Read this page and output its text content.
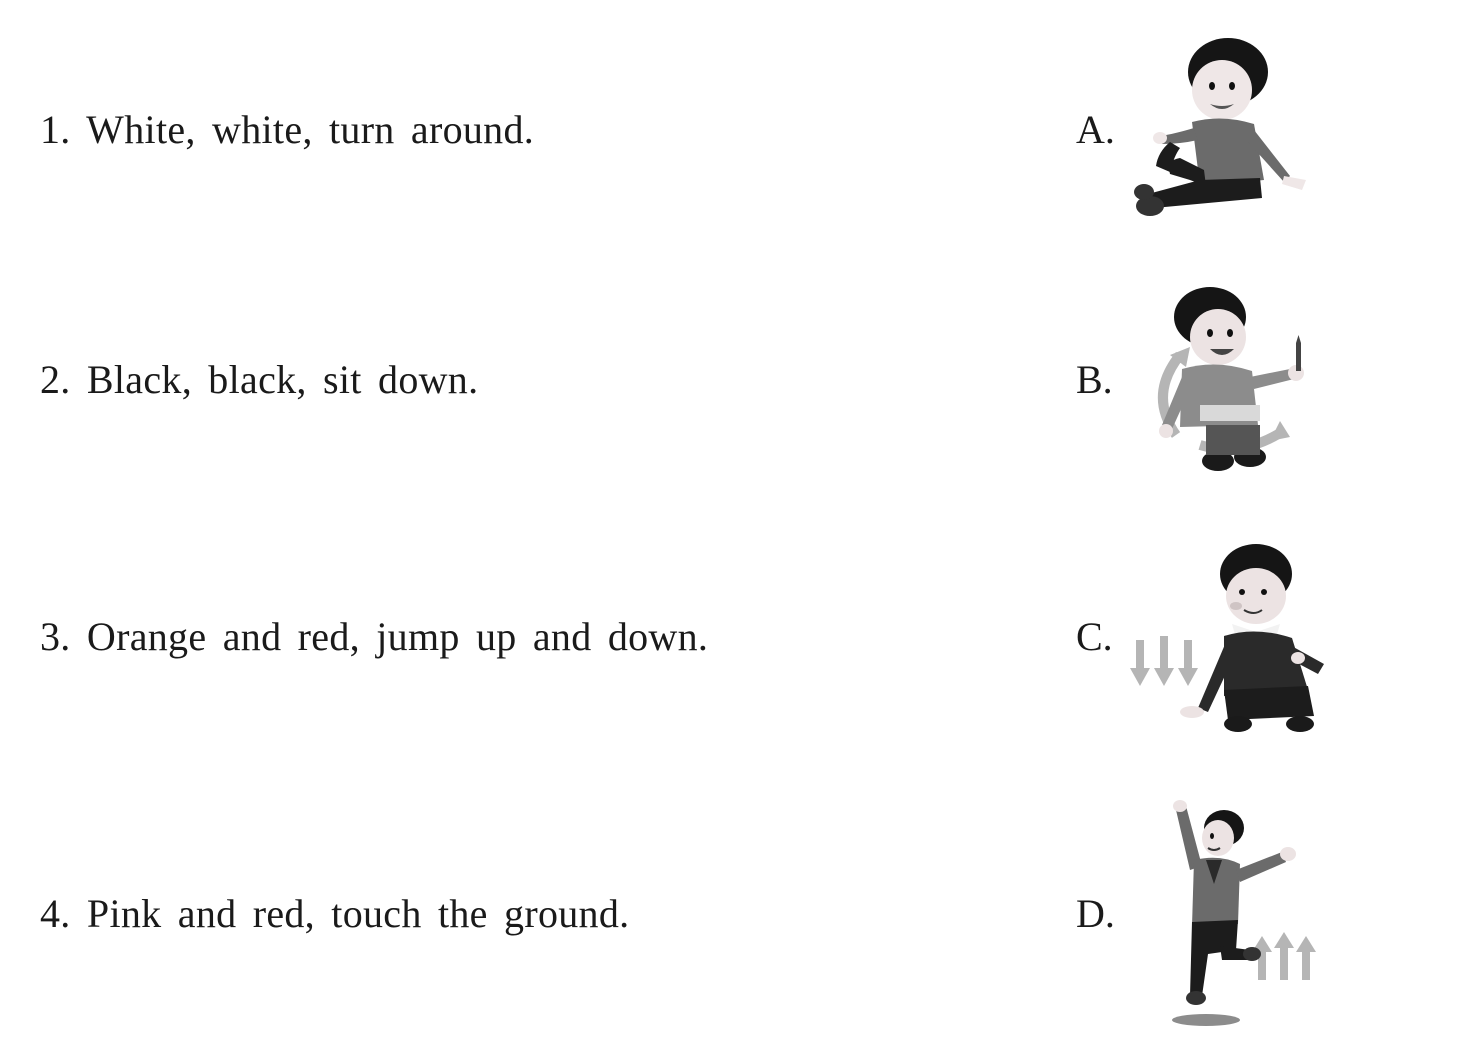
1. White, white, turn around.
2. Black, black, sit down.
3. Orange and red, jump up and down.
4. Pink and red, touch the ground.
A.
B.
C.
D.
